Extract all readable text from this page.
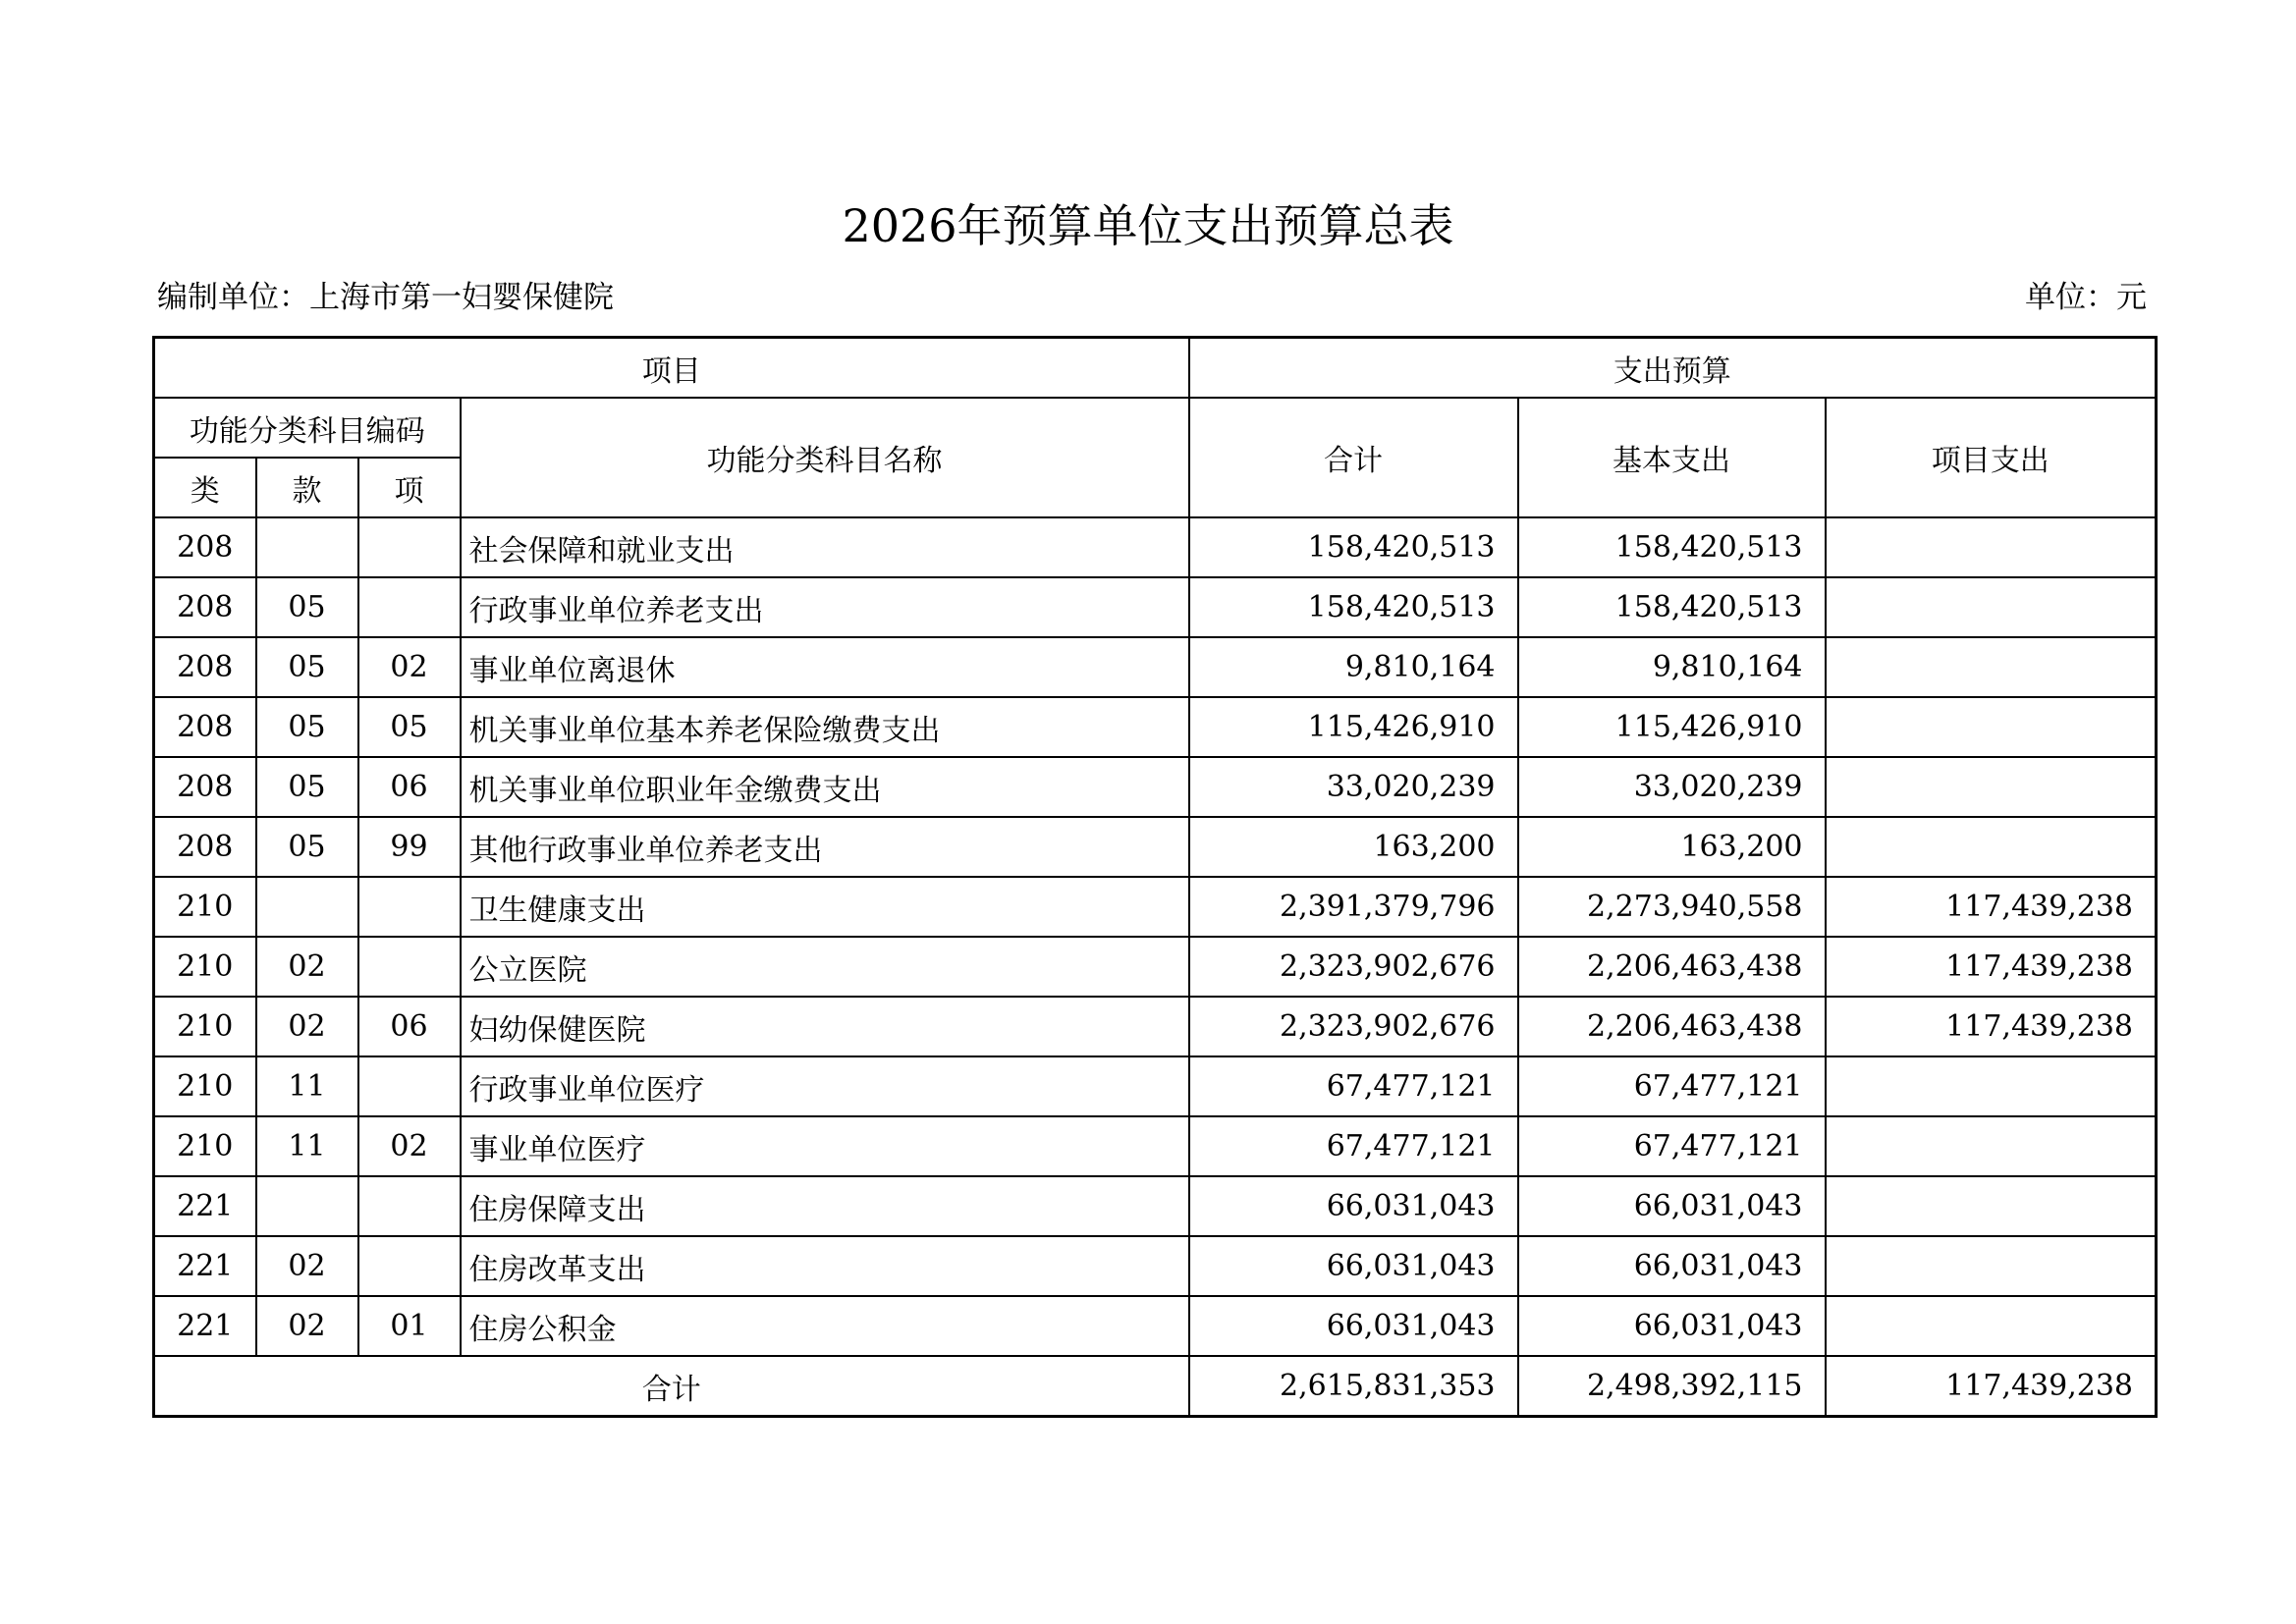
2026年预算单位支出预算总表
编制单位：上海市第一妇婴保健院	单位：元
项目				支出预算		
功能分类科目编码			功能分类科目名称	合计	基本支出	项目支出
类	款	项				
208			社会保障和就业支出	158,420,513	158,420,513	
208	05		行政事业单位养老支出	158,420,513	158,420,513	
208	05	02	事业单位离退休	9,810,164	9,810,164	
208	05	05	机关事业单位基本养老保险缴费支出	115,426,910	115,426,910	
208	05	06	机关事业单位职业年金缴费支出	33,020,239	33,020,239	
208	05	99	其他行政事业单位养老支出	163,200	163,200	
210			卫生健康支出	2,391,379,796	2,273,940,558	117,439,238
210	02		公立医院	2,323,902,676	2,206,463,438	117,439,238
210	02	06	妇幼保健医院	2,323,902,676	2,206,463,438	117,439,238
210	11		行政事业单位医疗	67,477,121	67,477,121	
210	11	02	事业单位医疗	67,477,121	67,477,121	
221			住房保障支出	66,031,043	66,031,043	
221	02		住房改革支出	66,031,043	66,031,043	
221	02	01	住房公积金	66,031,043	66,031,043	
合计				2,615,831,353	2,498,392,115	117,439,238
